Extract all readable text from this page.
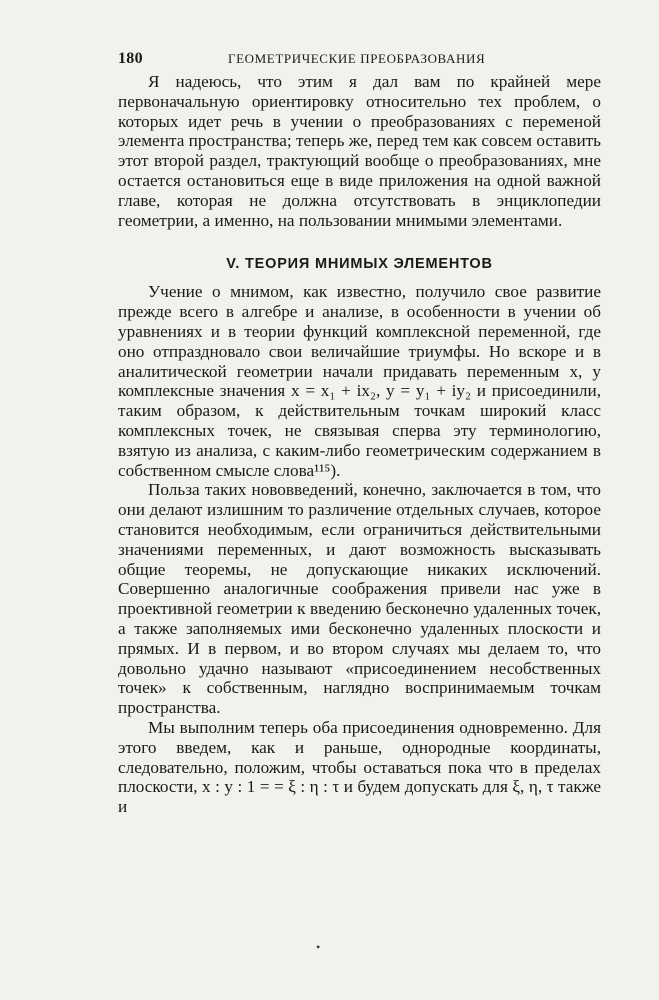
180	ГЕОМЕТРИЧЕСКИЕ ПРЕОБРАЗОВАНИЯ

Я надеюсь, что этим я дал вам по крайней мере первоначальную ориентировку относительно тех проблем, о которых идет речь в учении о преобразованиях с переменой элемента пространства; теперь же, перед тем как совсем оставить этот второй раздел, трактующий вообще о преобразованиях, мне остается остановиться еще в виде приложения на одной важной главе, которая не должна отсутствовать в энциклопедии геометрии, а именно, на пользовании мнимыми элементами.

V. ТЕОРИЯ МНИМЫХ ЭЛЕМЕНТОВ

Учение о мнимом, как известно, получило свое развитие прежде всего в алгебре и анализе, в особенности в учении об уравнениях и в теории функций комплексной переменной, где оно отпраздновало свои величайшие триумфы. Но вскоре и в аналитической геометрии начали придавать переменным x, y комплексные значения x = x₁ + ix₂, y = y₁ + iy₂ и присоединили, таким образом, к действительным точкам широкий класс комплексных точек, не связывая сперва эту терминологию, взятую из анализа, с каким-либо геометрическим содержанием в собственном смысле слова¹¹⁵).

Польза таких нововведений, конечно, заключается в том, что они делают излишним то различение отдельных случаев, которое становится необходимым, если ограничиться действительными значениями переменных, и дают возможность высказывать общие теоремы, не допускающие никаких исключений. Совершенно аналогичные соображения привели нас уже в проективной геометрии к введению бесконечно удаленных точек, а также заполняемых ими бесконечно удаленных плоскости и прямых. И в первом, и во втором случаях мы делаем то, что довольно удачно называют «присоединением несобственных точек» к собственным, наглядно воспринимаемым точкам пространства.

Мы выполним теперь оба присоединения одновременно. Для этого введем, как и раньше, однородные координаты, следовательно, положим, чтобы оставаться пока что в пределах плоскости, x : y : 1 = = ξ : η : τ и будем допускать для ξ, η, τ также и

•
